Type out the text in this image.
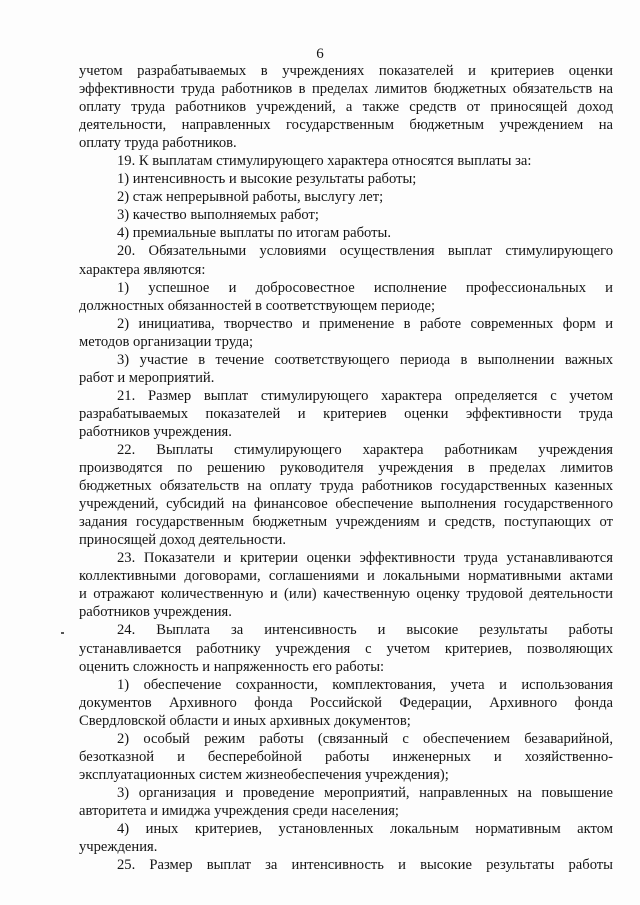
6
учетом разрабатываемых в учреждениях показателей и критериев оценки
эффективности труда работников в пределах лимитов бюджетных обязательств на
оплату труда работников учреждений, а также средств от приносящей доход
деятельности, направленных государственным бюджетным учреждением на
оплату труда работников.
19. К выплатам стимулирующего характера относятся выплаты за:
1) интенсивность и высокие результаты работы;
2) стаж непрерывной работы, выслугу лет;
3) качество выполняемых работ;
4) премиальные выплаты по итогам работы.
20. Обязательными условиями осуществления выплат стимулирующего
характера являются:
1) успешное и добросовестное исполнение профессиональных и
должностных обязанностей в соответствующем периоде;
2) инициатива, творчество и применение в работе современных форм и
методов организации труда;
3) участие в течение соответствующего периода в выполнении важных
работ и мероприятий.
21. Размер выплат стимулирующего характера определяется с учетом
разрабатываемых показателей и критериев оценки эффективности труда
работников учреждения.
22. Выплаты стимулирующего характера работникам учреждения
производятся по решению руководителя учреждения в пределах лимитов
бюджетных обязательств на оплату труда работников государственных казенных
учреждений, субсидий на финансовое обеспечение выполнения государственного
задания государственным бюджетным учреждениям и средств, поступающих от
приносящей доход деятельности.
23. Показатели и критерии оценки эффективности труда устанавливаются
коллективными договорами, соглашениями и локальными нормативными актами
и отражают количественную и (или) качественную оценку трудовой деятельности
работников учреждения.
24. Выплата за интенсивность и высокие результаты работы
устанавливается работнику учреждения с учетом критериев, позволяющих
оценить сложность и напряженность его работы:
1) обеспечение сохранности, комплектования, учета и использования
документов Архивного фонда Российской Федерации, Архивного фонда
Свердловской области и иных архивных документов;
2) особый режим работы (связанный с обеспечением безаварийной,
безотказной и бесперебойной работы инженерных и хозяйственно-
эксплуатационных систем жизнеобеспечения учреждения);
3) организация и проведение мероприятий, направленных на повышение
авторитета и имиджа учреждения среди населения;
4) иных критериев, установленных локальным нормативным актом
учреждения.
25. Размер выплат за интенсивность и высокие результаты работы
